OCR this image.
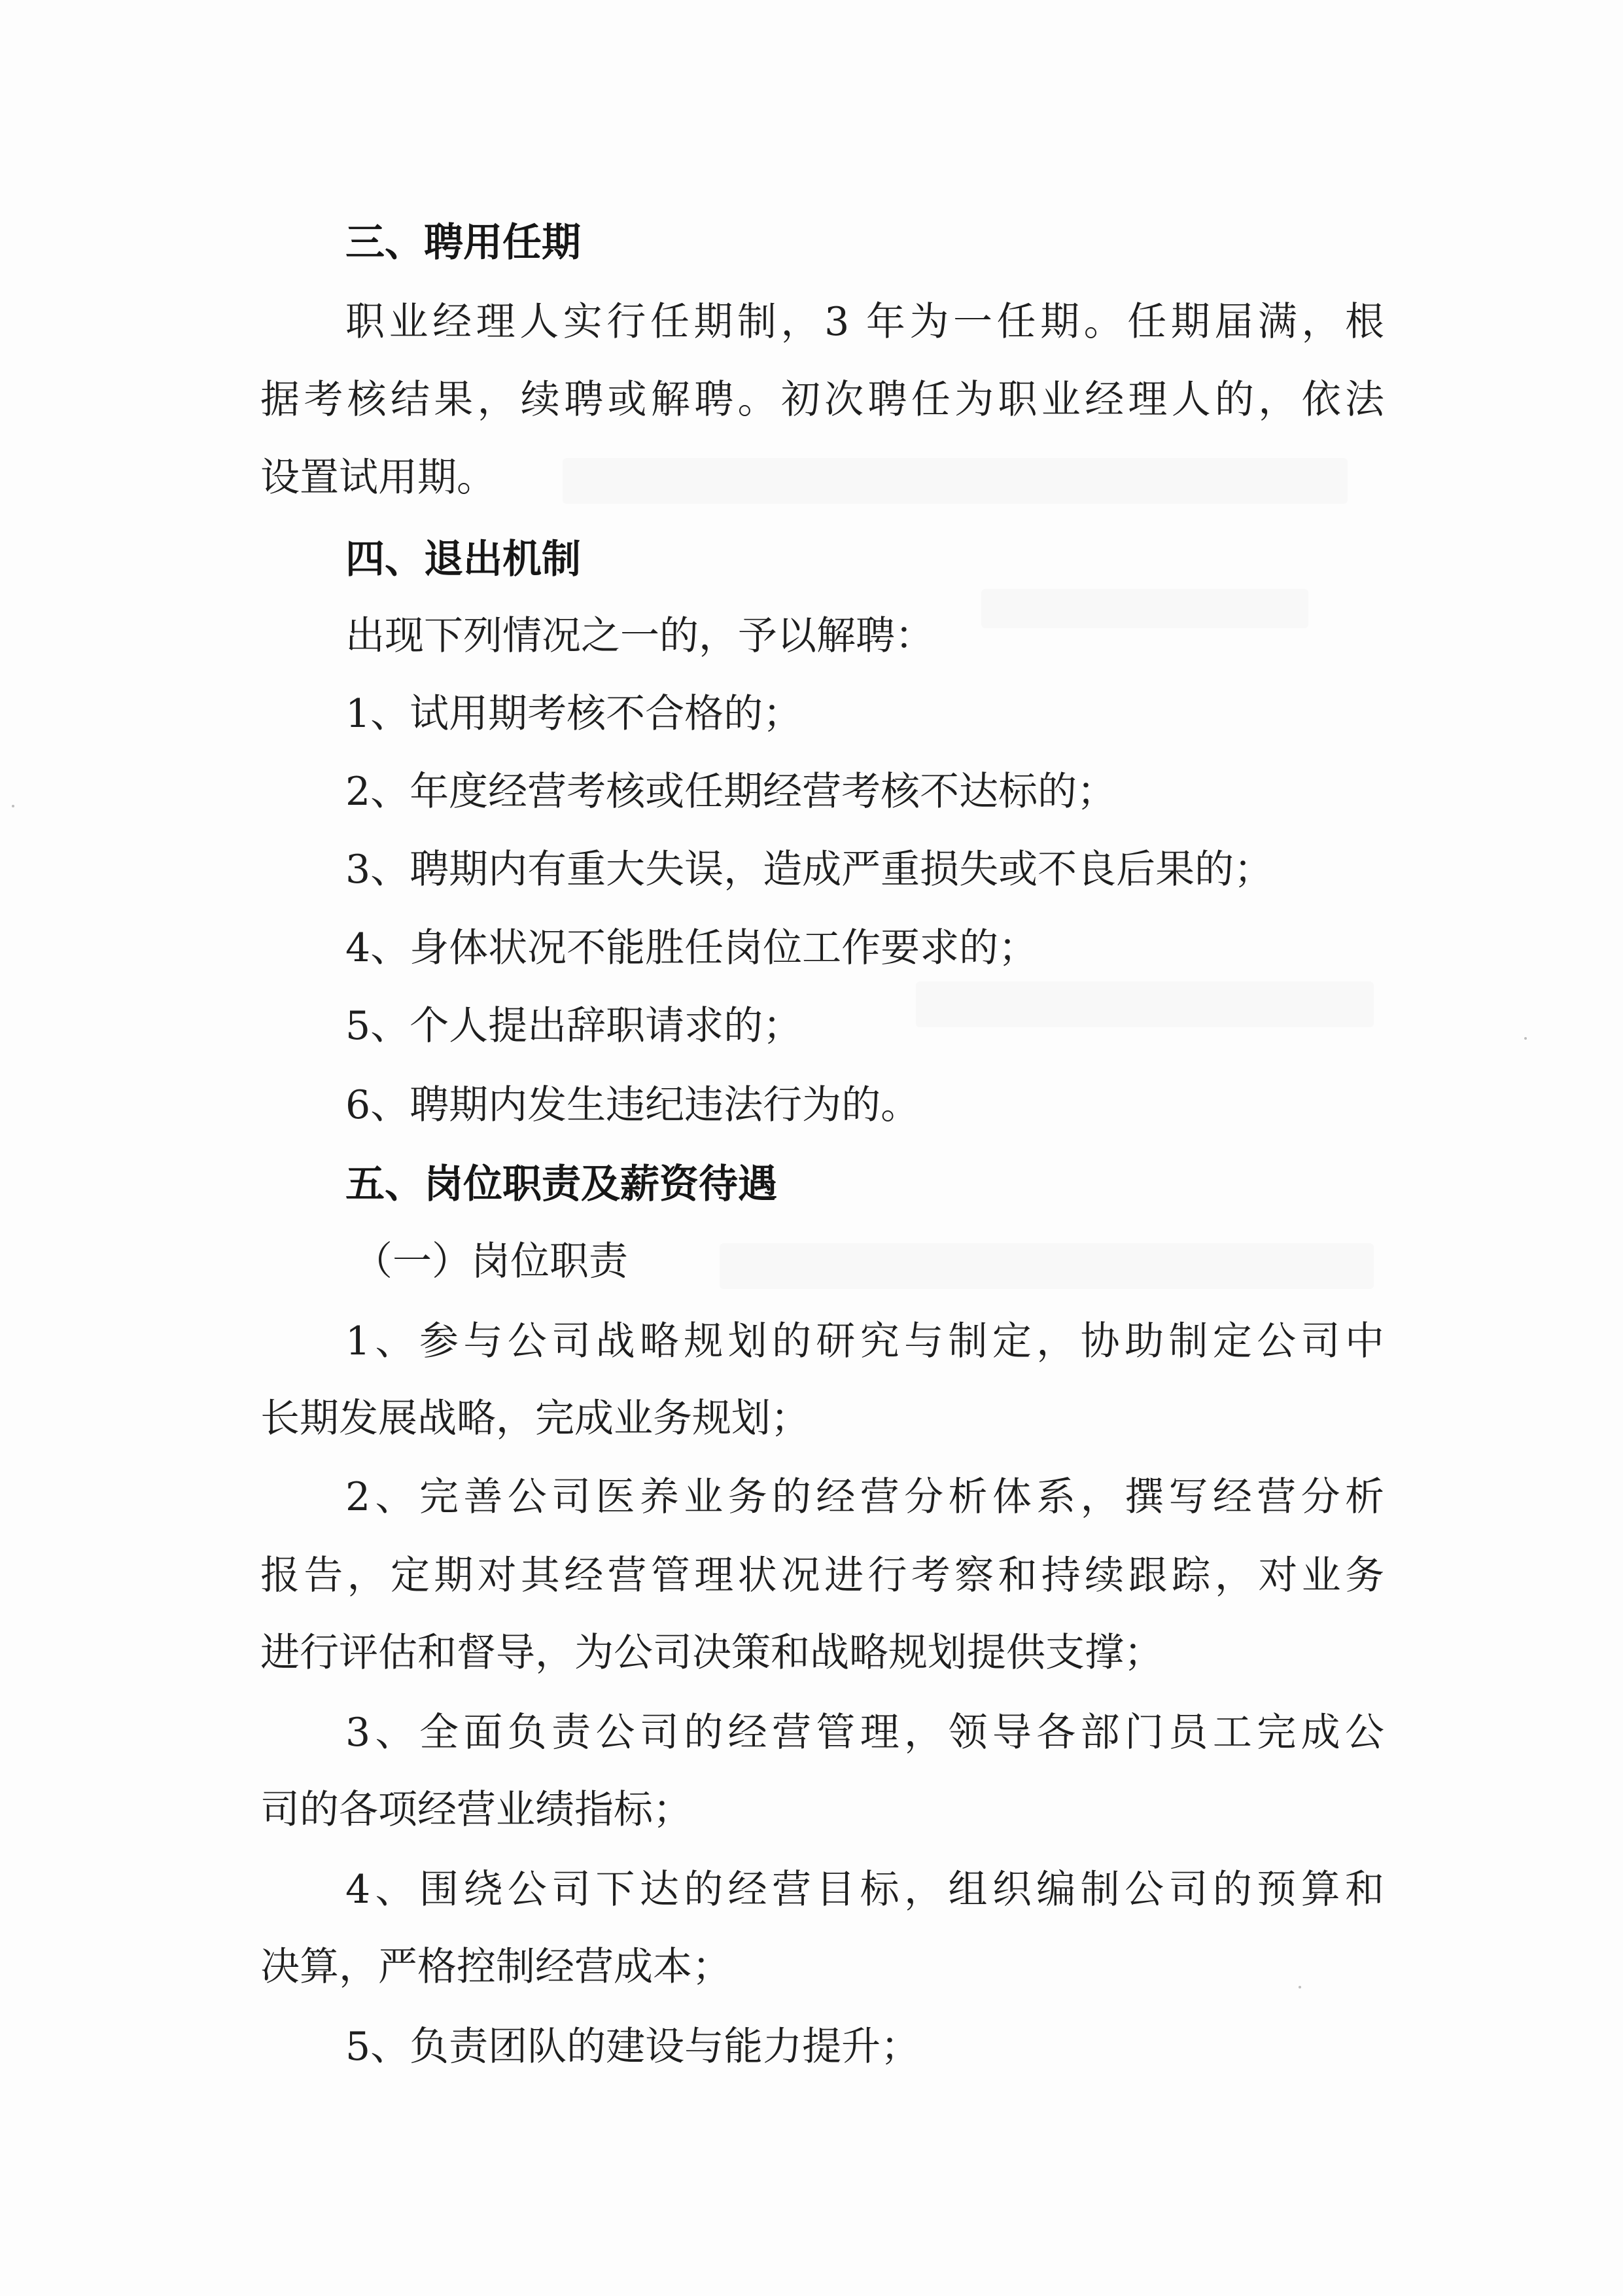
三、聘用任期
职业经理人实行任期制，3 年为一任期。任期届满，根
据考核结果，续聘或解聘。初次聘任为职业经理人的，依法
设置试用期。
四、退出机制
出现下列情况之一的，予以解聘：
1、试用期考核不合格的；
2、年度经营考核或任期经营考核不达标的；
3、聘期内有重大失误，造成严重损失或不良后果的；
4、身体状况不能胜任岗位工作要求的；
5、个人提出辞职请求的；
6、聘期内发生违纪违法行为的。
五、岗位职责及薪资待遇
（一）岗位职责
1、参与公司战略规划的研究与制定，协助制定公司中
长期发展战略，完成业务规划；
2、完善公司医养业务的经营分析体系，撰写经营分析
报告，定期对其经营管理状况进行考察和持续跟踪，对业务
进行评估和督导，为公司决策和战略规划提供支撑；
3、全面负责公司的经营管理，领导各部门员工完成公
司的各项经营业绩指标；
4、围绕公司下达的经营目标，组织编制公司的预算和
决算，严格控制经营成本；
5、负责团队的建设与能力提升；
